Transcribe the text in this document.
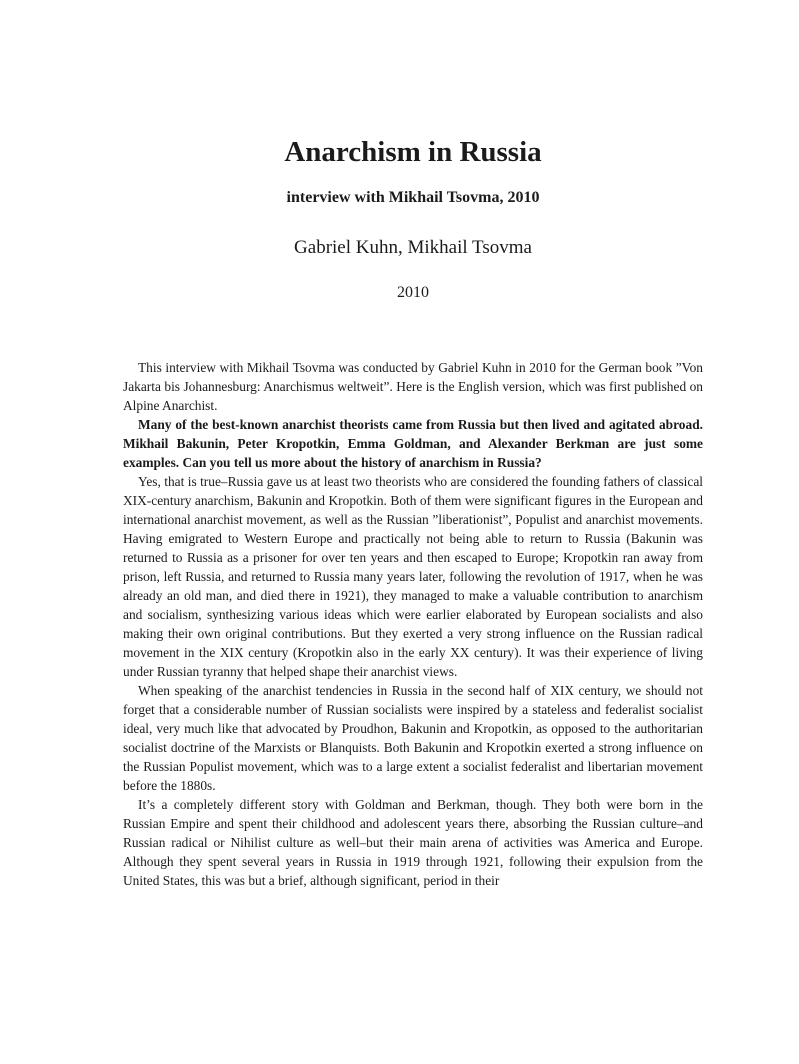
Anarchism in Russia
interview with Mikhail Tsovma, 2010
Gabriel Kuhn, Mikhail Tsovma
2010

This interview with Mikhail Tsovma was conducted by Gabriel Kuhn in 2010 for the German book ”Von Jakarta bis Johannesburg: Anarchismus weltweit”. Here is the English version, which was first published on Alpine Anarchist.

Many of the best-known anarchist theorists came from Russia but then lived and agitated abroad. Mikhail Bakunin, Peter Kropotkin, Emma Goldman, and Alexander Berkman are just some examples. Can you tell us more about the history of anarchism in Russia?

Yes, that is true–Russia gave us at least two theorists who are considered the founding fathers of classical XIX-century anarchism, Bakunin and Kropotkin. Both of them were significant figures in the European and international anarchist movement, as well as the Russian ”liberationist”, Populist and anarchist movements. Having emigrated to Western Europe and practically not being able to return to Russia (Bakunin was returned to Russia as a prisoner for over ten years and then escaped to Europe; Kropotkin ran away from prison, left Russia, and returned to Russia many years later, following the revolution of 1917, when he was already an old man, and died there in 1921), they managed to make a valuable contribution to anarchism and socialism, synthesizing various ideas which were earlier elaborated by European socialists and also making their own original contributions. But they exerted a very strong influence on the Russian radical movement in the XIX century (Kropotkin also in the early XX century). It was their experience of living under Russian tyranny that helped shape their anarchist views.

When speaking of the anarchist tendencies in Russia in the second half of XIX century, we should not forget that a considerable number of Russian socialists were inspired by a stateless and federalist socialist ideal, very much like that advocated by Proudhon, Bakunin and Kropotkin, as opposed to the authoritarian socialist doctrine of the Marxists or Blanquists. Both Bakunin and Kropotkin exerted a strong influence on the Russian Populist movement, which was to a large extent a socialist federalist and libertarian movement before the 1880s.

It’s a completely different story with Goldman and Berkman, though. They both were born in the Russian Empire and spent their childhood and adolescent years there, absorbing the Russian culture–and Russian radical or Nihilist culture as well–but their main arena of activities was America and Europe. Although they spent several years in Russia in 1919 through 1921, following their expulsion from the United States, this was but a brief, although significant, period in their
